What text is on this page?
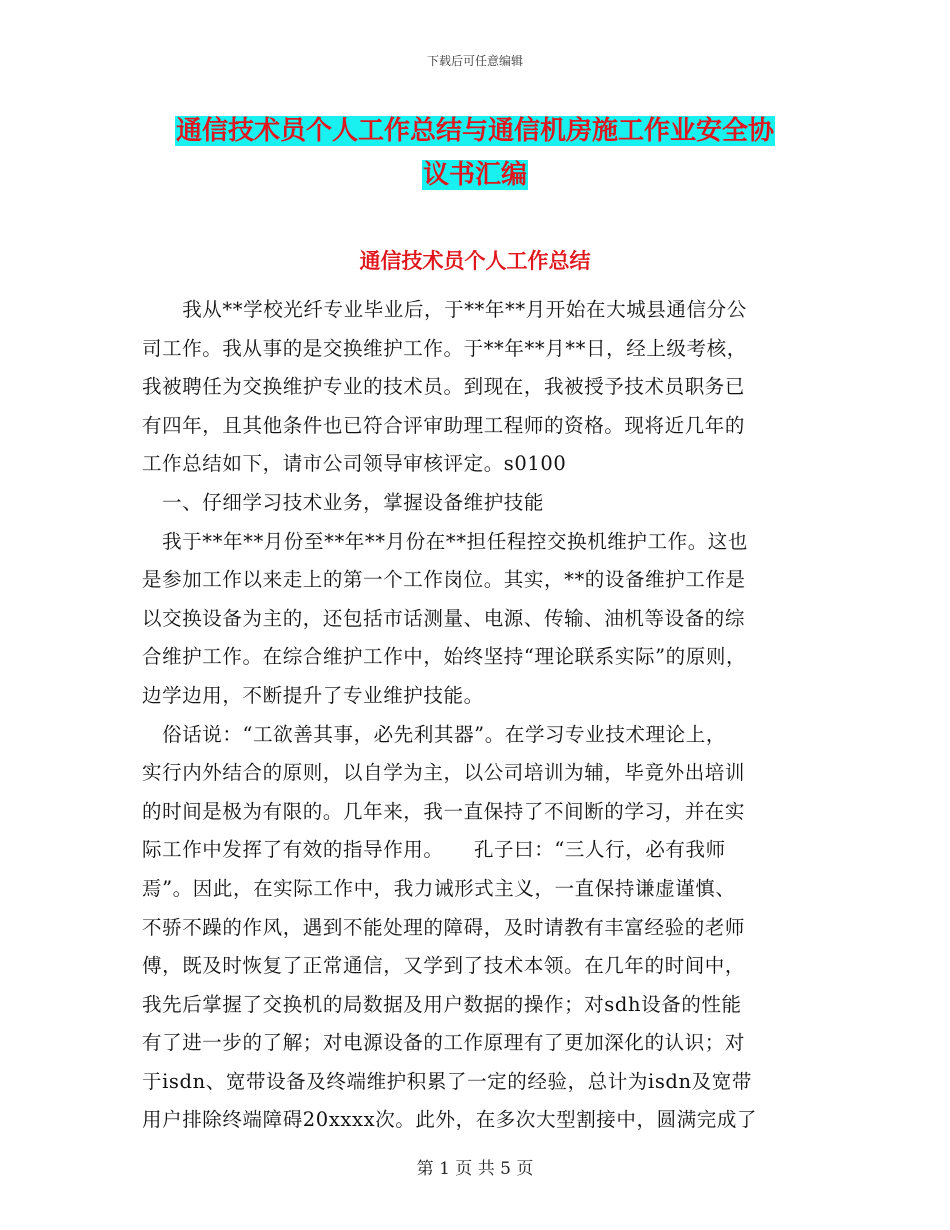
下载后可任意编辑
通信技术员个人工作总结与通信机房施工作业安全协
议书汇编
通信技术员个人工作总结
　　我从**学校光纤专业毕业后，于**年**月开始在大城县通信分公
司工作。我从事的是交换维护工作。于**年**月**日，经上级考核，
我被聘任为交换维护专业的技术员。到现在，我被授予技术员职务已
有四年，且其他条件也已符合评审助理工程师的资格。现将近几年的
工作总结如下，请市公司领导审核评定。s0100
　一、仔细学习技术业务，掌握设备维护技能
　我于**年**月份至**年**月份在**担任程控交换机维护工作。这也
是参加工作以来走上的第一个工作岗位。其实，**的设备维护工作是
以交换设备为主的，还包括市话测量、电源、传输、油机等设备的综
合维护工作。在综合维护工作中，始终坚持“理论联系实际”的原则，
边学边用，不断提升了专业维护技能。
　俗话说：“工欲善其事，必先利其器”。在学习专业技术理论上，
实行内外结合的原则，以自学为主，以公司培训为辅，毕竟外出培训
的时间是极为有限的。几年来，我一直保持了不间断的学习，并在实
际工作中发挥了有效的指导作用。　　孔子曰：“三人行，必有我师
焉”。因此，在实际工作中，我力诫形式主义，一直保持谦虚谨慎、
不骄不躁的作风，遇到不能处理的障碍，及时请教有丰富经验的老师
傅，既及时恢复了正常通信，又学到了技术本领。在几年的时间中，
我先后掌握了交换机的局数据及用户数据的操作；对sdh设备的性能
有了进一步的了解；对电源设备的工作原理有了更加深化的认识；对
于isdn、宽带设备及终端维护积累了一定的经验，总计为isdn及宽带
用户排除终端障碍20xxxx次。此外，在多次大型割接中，圆满完成了
第 1 页 共 5 页
